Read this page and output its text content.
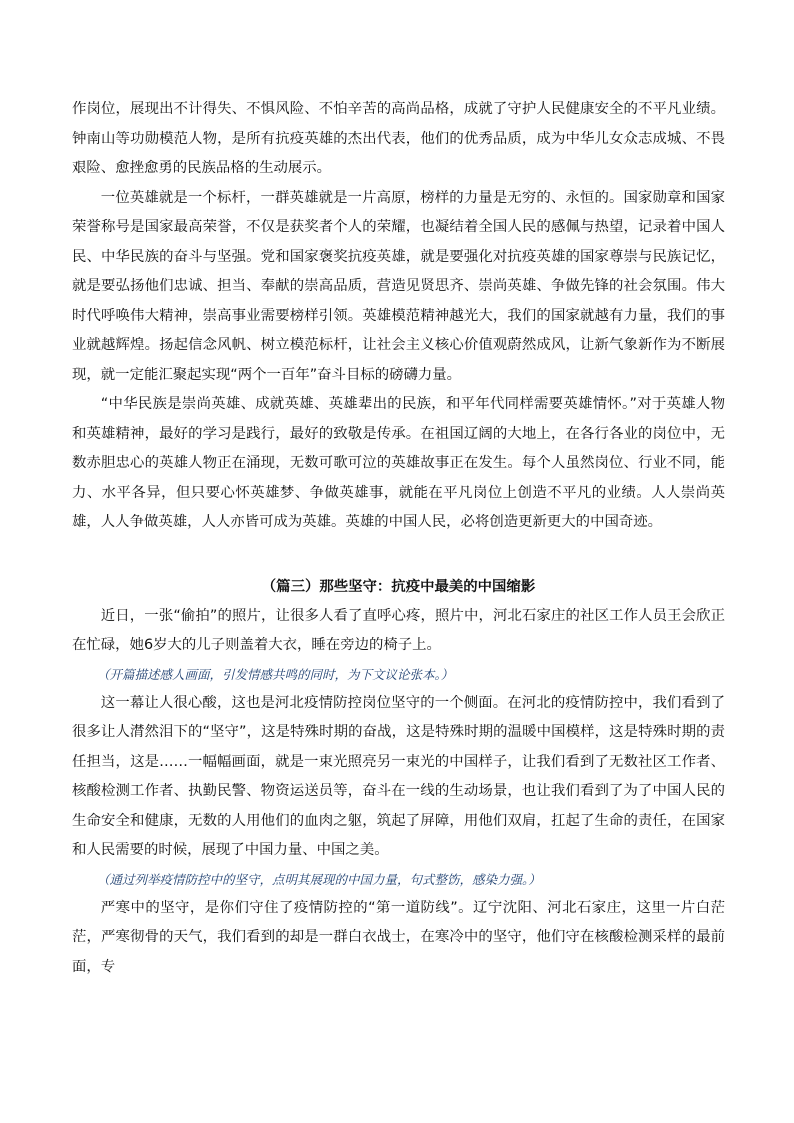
作岗位，展现出不计得失、不惧风险、不怕辛苦的高尚品格，成就了守护人民健康安全的不平凡业绩。钟南山等功勋模范人物，是所有抗疫英雄的杰出代表，他们的优秀品质，成为中华儿女众志成城、不畏艰险、愈挫愈勇的民族品格的生动展示。

一位英雄就是一个标杆，一群英雄就是一片高原，榜样的力量是无穷的、永恒的。国家勋章和国家荣誉称号是国家最高荣誉，不仅是获奖者个人的荣耀，也凝结着全国人民的感佩与热望，记录着中国人民、中华民族的奋斗与坚强。党和国家褒奖抗疫英雄，就是要强化对抗疫英雄的国家尊崇与民族记忆，就是要弘扬他们忠诚、担当、奉献的崇高品质，营造见贤思齐、崇尚英雄、争做先锋的社会氛围。伟大时代呼唤伟大精神，崇高事业需要榜样引领。英雄模范精神越光大，我们的国家就越有力量，我们的事业就越辉煌。扬起信念风帆、树立模范标杆，让社会主义核心价值观蔚然成风，让新气象新作为不断展现，就一定能汇聚起实现“两个一百年”奋斗目标的磅礴力量。

“中华民族是崇尚英雄、成就英雄、英雄辈出的民族，和平年代同样需要英雄情怀。”对于英雄人物和英雄精神，最好的学习是践行，最好的致敬是传承。在祖国辽阔的大地上，在各行各业的岗位中，无数赤胆忠心的英雄人物正在涌现，无数可歌可泣的英雄故事正在发生。每个人虽然岗位、行业不同，能力、水平各异，但只要心怀英雄梦、争做英雄事，就能在平凡岗位上创造不平凡的业绩。人人崇尚英雄，人人争做英雄，人人亦皆可成为英雄。英雄的中国人民，必将创造更新更大的中国奇迹。

（篇三）那些坚守：抗疫中最美的中国缩影

近日，一张“偷拍”的照片，让很多人看了直呼心疼，照片中，河北石家庄的社区工作人员王会欣正在忙碌，她6岁大的儿子则盖着大衣，睡在旁边的椅子上。

（开篇描述感人画面，引发情感共鸣的同时，为下文议论张本。）

这一幕让人很心酸，这也是河北疫情防控岗位坚守的一个侧面。在河北的疫情防控中，我们看到了很多让人潸然泪下的“坚守”，这是特殊时期的奋战，这是特殊时期的温暖中国模样，这是特殊时期的责任担当，这是……一幅幅画面，就是一束光照亮另一束光的中国样子，让我们看到了无数社区工作者、核酸检测工作者、执勤民警、物资运送员等，奋斗在一线的生动场景，也让我们看到了为了中国人民的生命安全和健康，无数的人用他们的血肉之躯，筑起了屏障，用他们双肩，扛起了生命的责任，在国家和人民需要的时候，展现了中国力量、中国之美。

（通过列举疫情防控中的坚守，点明其展现的中国力量，句式整饬，感染力强。）

严寒中的坚守，是你们守住了疫情防控的“第一道防线”。辽宁沈阳、河北石家庄，这里一片白茫茫，严寒彻骨的天气，我们看到的却是一群白衣战士，在寒冷中的坚守，他们守在核酸检测采样的最前面，专
